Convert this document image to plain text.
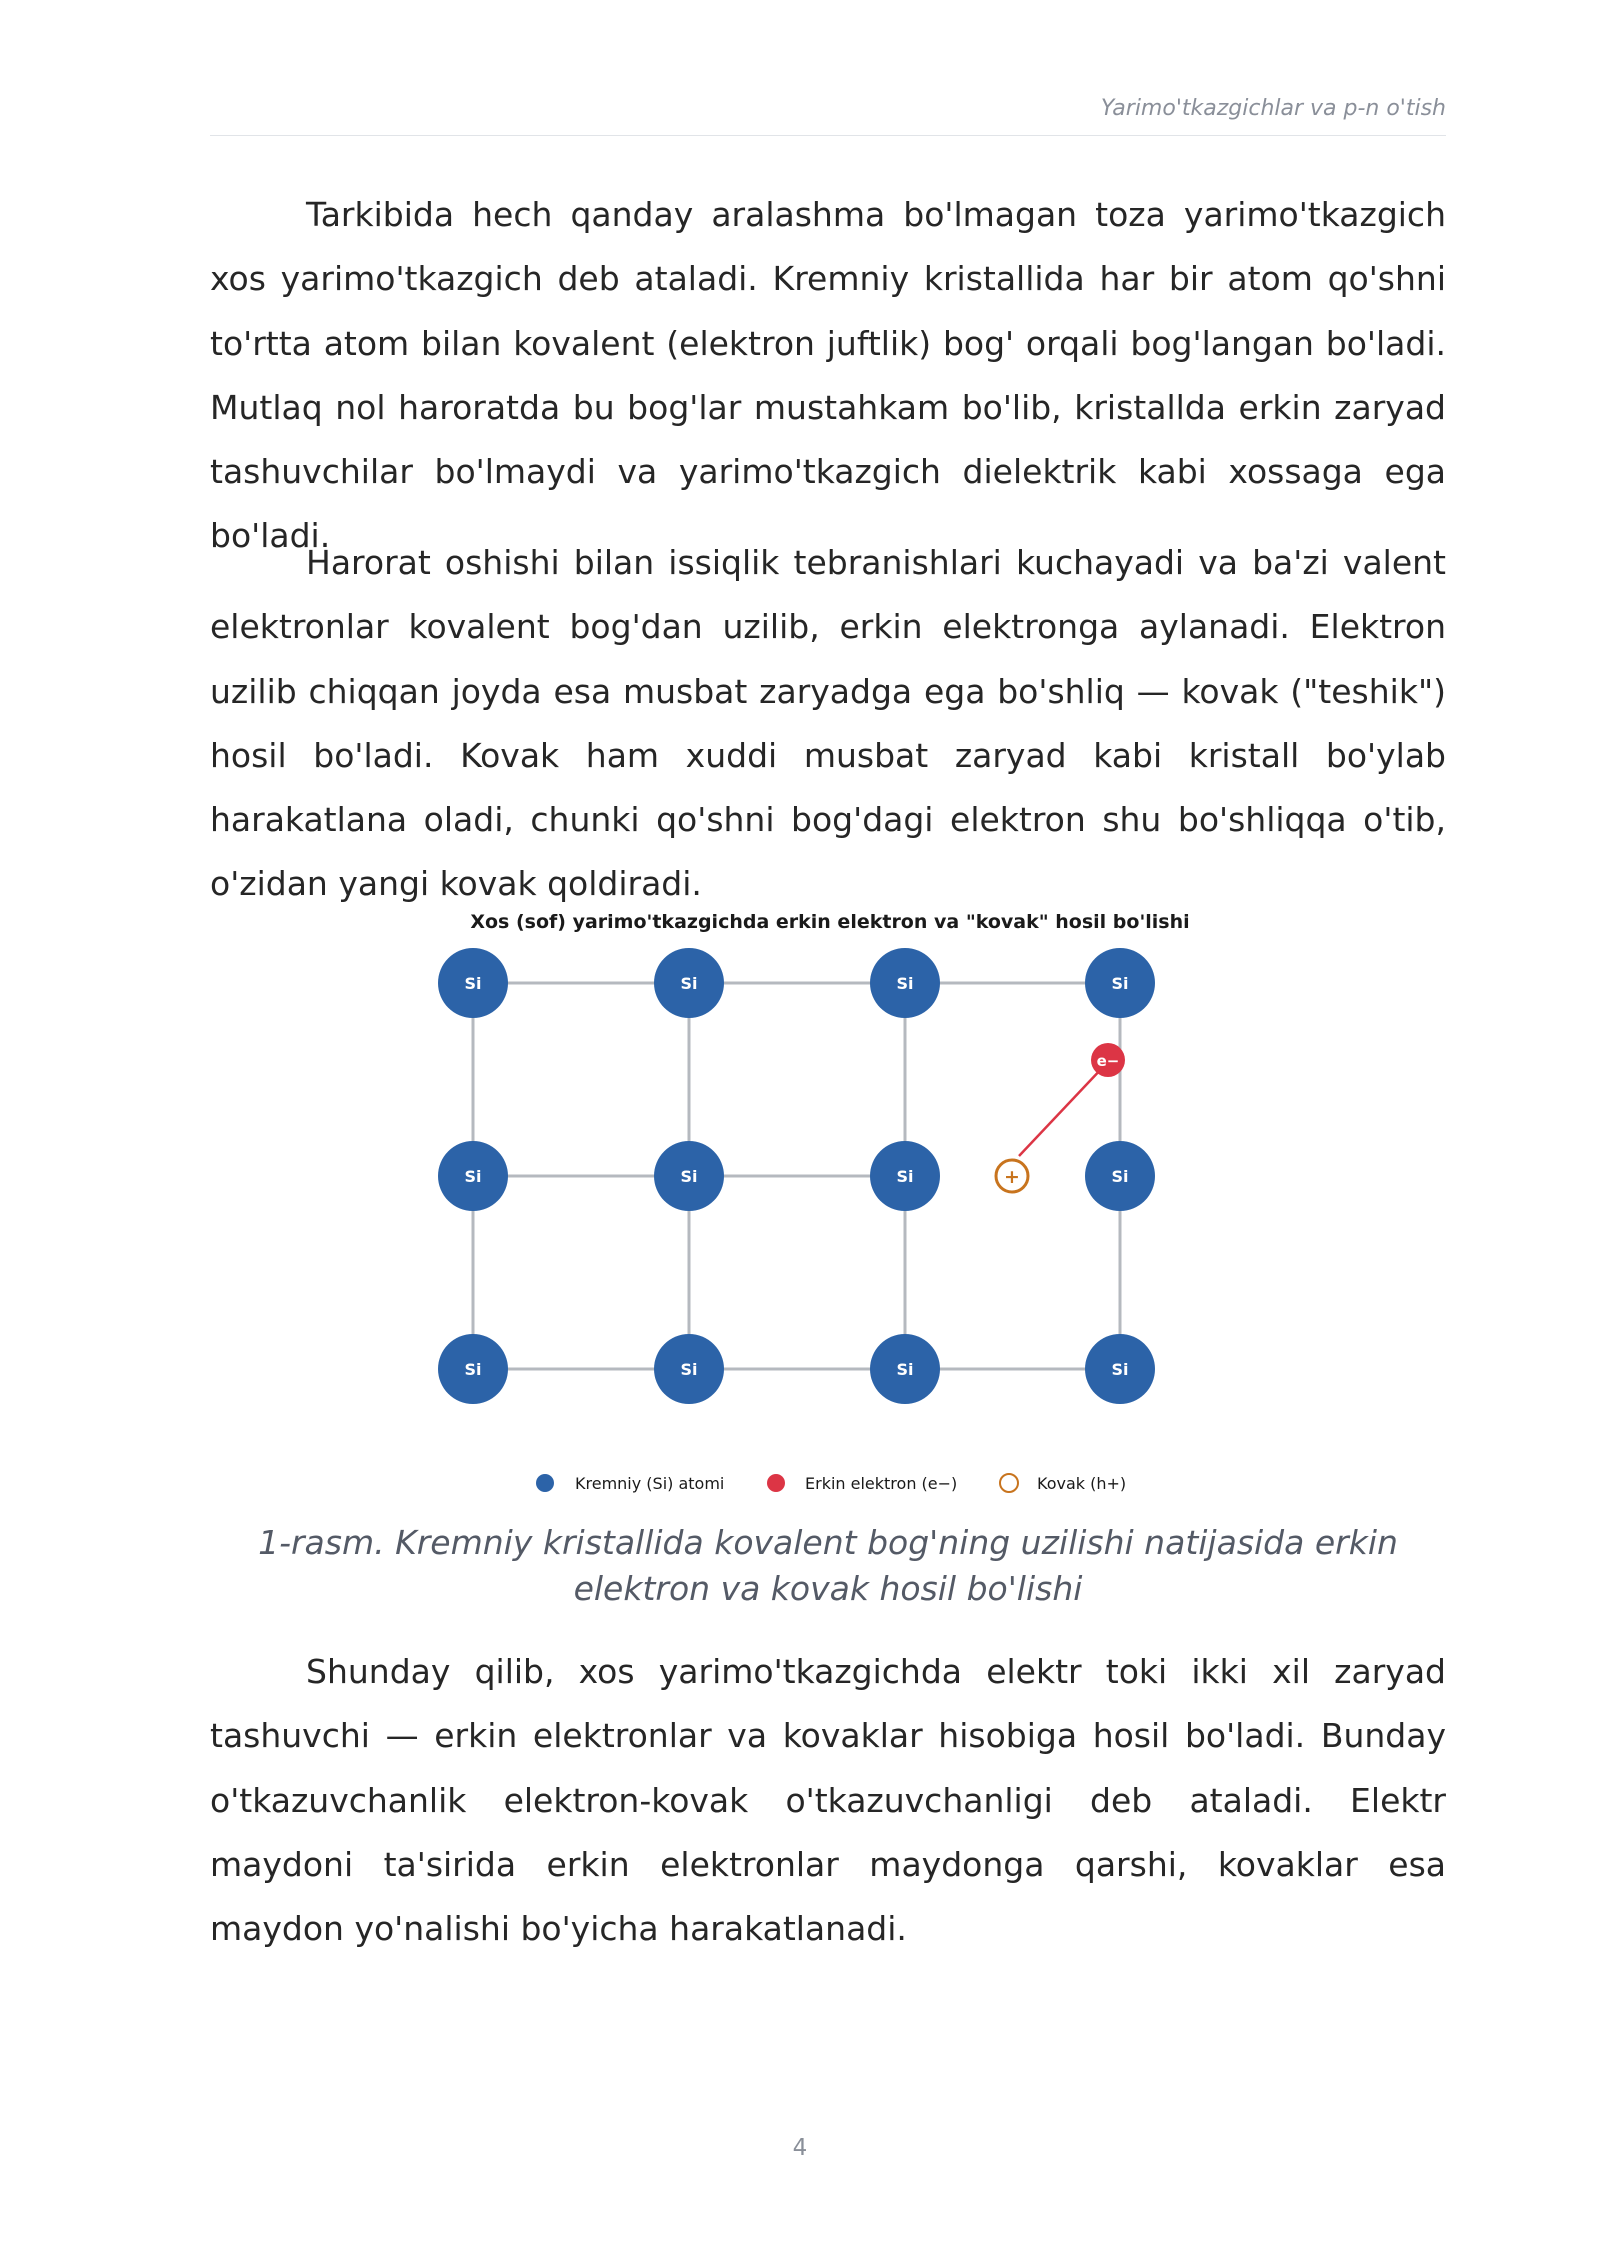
Yarimo'tkazgichlar va p-n o'tish

Tarkibida hech qanday aralashma bo'lmagan toza yarimo'tkazgich xos yarimo'tkazgich deb ataladi. Kremniy kristallida har bir atom qo'shni to'rtta atom bilan kovalent (elektron juftlik) bog' orqali bog'langan bo'ladi. Mutlaq nol haroratda bu bog'lar mustahkam bo'lib, kristallda erkin zaryad tashuvchilar bo'lmaydi va yarimo'tkazgich dielektrik kabi xossaga ega bo'ladi.

Harorat oshishi bilan issiqlik tebranishlari kuchayadi va ba'zi valent elektronlar kovalent bog'dan uzilib, erkin elektronga aylanadi. Elektron uzilib chiqqan joyda esa musbat zaryadga ega bo'shliq — kovak ("teshik") hosil bo'ladi. Kovak ham xuddi musbat zaryad kabi kristall bo'ylab harakatlana oladi, chunki qo'shni bog'dagi elektron shu bo'shliqqa o'tib, o'zidan yangi kovak qoldiradi.

Xos (sof) yarimo'tkazgichda erkin elektron va "kovak" hosil bo'lishi
Si	Si	Si	Si
Si	Si	Si	Si
Si	Si	Si	Si
e−
+
Kremniy (Si) atomi	Erkin elektron (e−)	Kovak (h+)

1-rasm. Kremniy kristallida kovalent bog'ning uzilishi natijasida erkin elektron va kovak hosil bo'lishi

Shunday qilib, xos yarimo'tkazgichda elektr toki ikki xil zaryad tashuvchi — erkin elektronlar va kovaklar hisobiga hosil bo'ladi. Bunday o'tkazuvchanlik elektron-kovak o'tkazuvchanligi deb ataladi. Elektr maydoni ta'sirida erkin elektronlar maydonga qarshi, kovaklar esa maydon yo'nalishi bo'yicha harakatlanadi.

4
